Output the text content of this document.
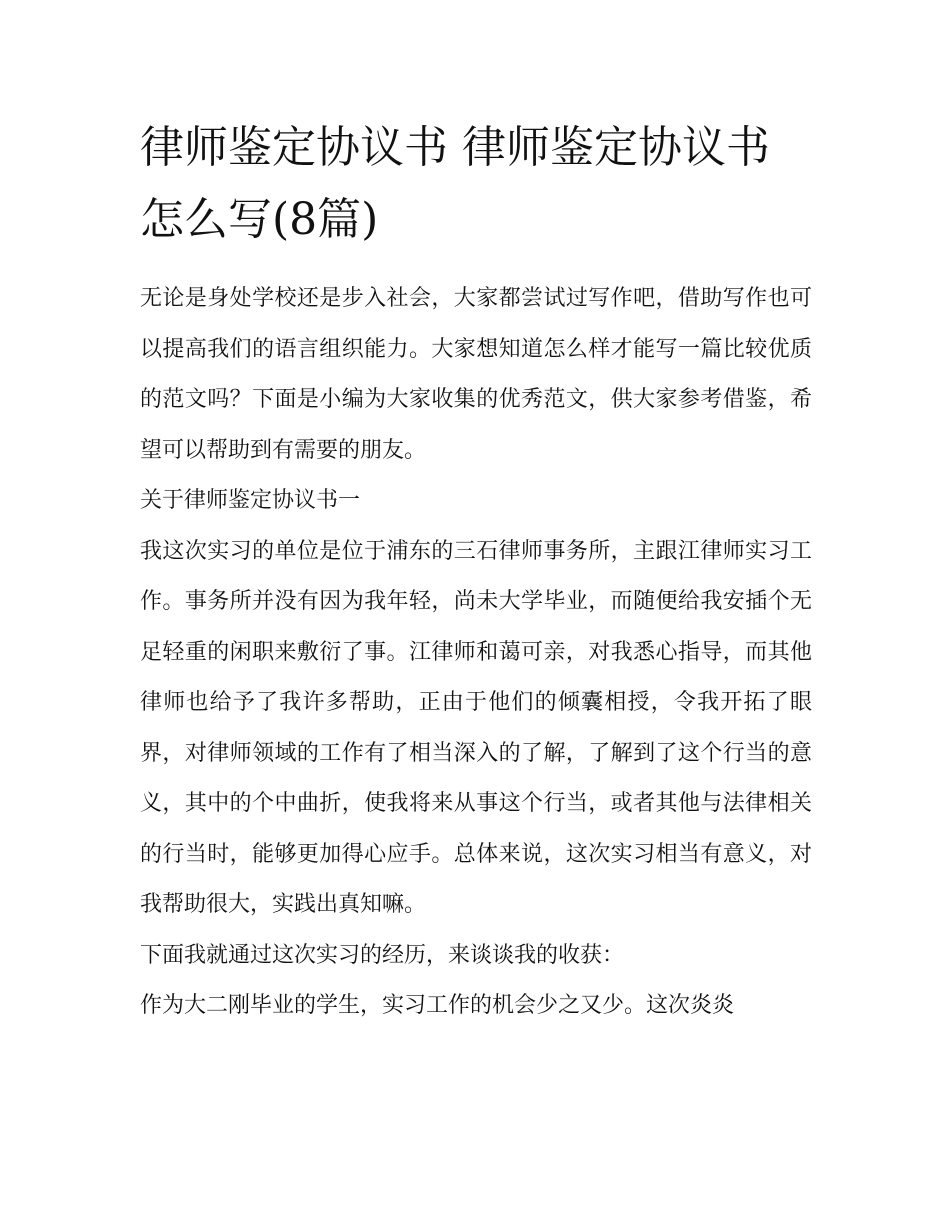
律师鉴定协议书 律师鉴定协议书怎么写(8篇)

无论是身处学校还是步入社会，大家都尝试过写作吧，借助写作也可以提高我们的语言组织能力。大家想知道怎么样才能写一篇比较优质的范文吗？下面是小编为大家收集的优秀范文，供大家参考借鉴，希望可以帮助到有需要的朋友。

关于律师鉴定协议书一

我这次实习的单位是位于浦东的三石律师事务所，主跟江律师实习工作。事务所并没有因为我年轻，尚未大学毕业，而随便给我安插个无足轻重的闲职来敷衍了事。江律师和蔼可亲，对我悉心指导，而其他律师也给予了我许多帮助，正由于他们的倾囊相授，令我开拓了眼界，对律师领域的工作有了相当深入的了解，了解到了这个行当的意义，其中的个中曲折，使我将来从事这个行当，或者其他与法律相关的行当时，能够更加得心应手。总体来说，这次实习相当有意义，对我帮助很大，实践出真知嘛。

下面我就通过这次实习的经历，来谈谈我的收获：

作为大二刚毕业的学生，实习工作的机会少之又少。这次炎炎
